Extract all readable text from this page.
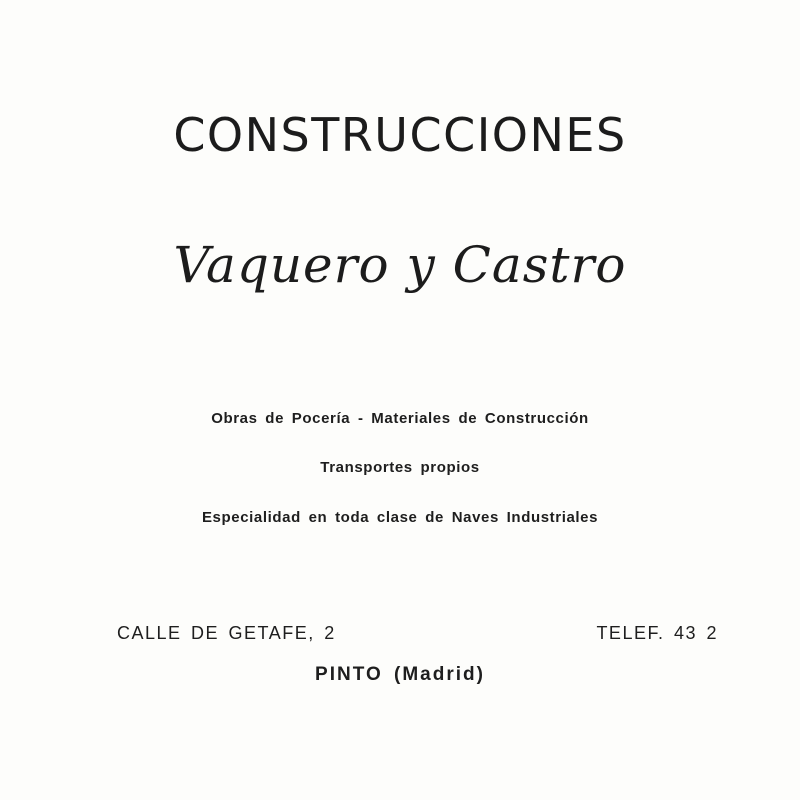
CONSTRUCCIONES
Vaquero y Castro
Obras de Pocería - Materiales de Construcción
Transportes propios
Especialidad en toda clase de Naves Industriales
CALLE DE GETAFE, 2	TELEF. 43 2
PINTO (Madrid)
